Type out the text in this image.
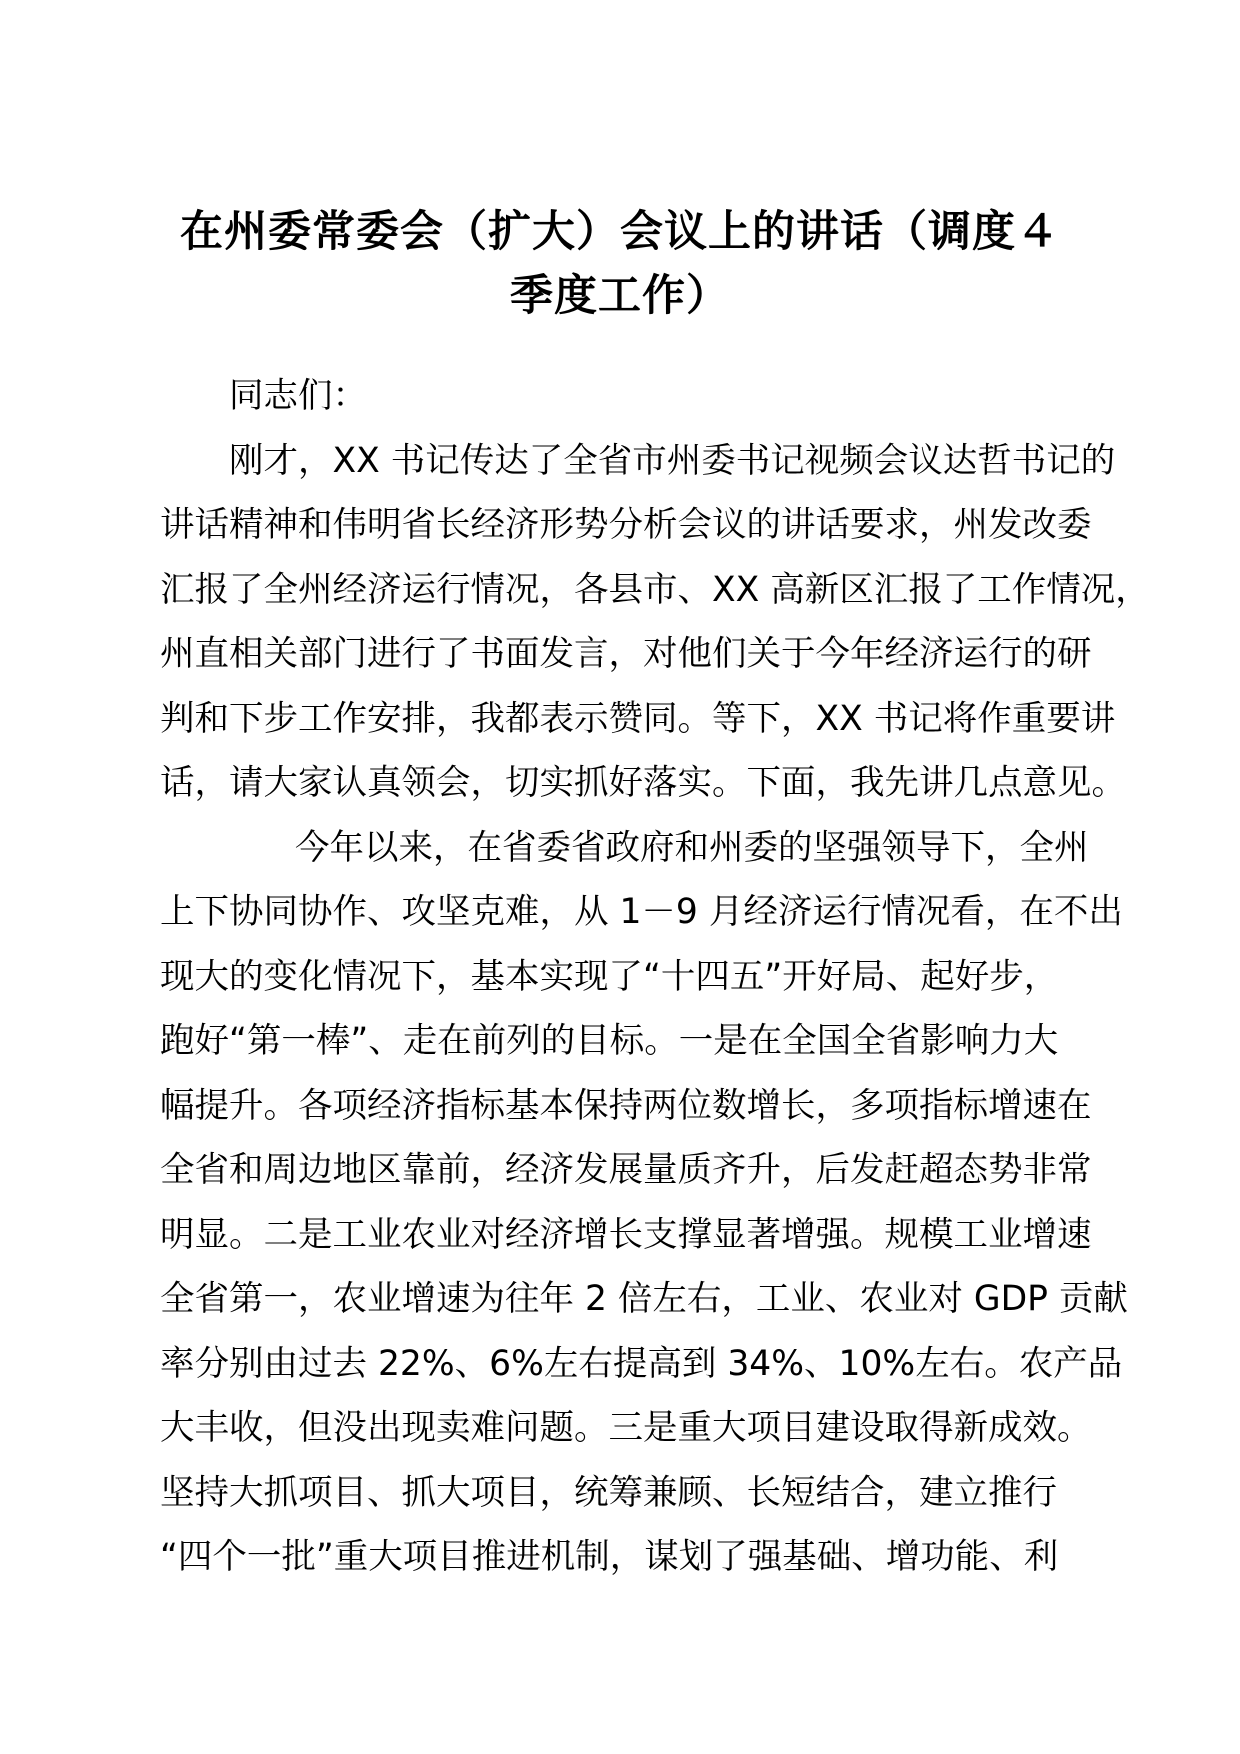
在州委常委会（扩大）会议上的讲话（调度４
季度工作）
同志们：
刚才，XX 书记传达了全省市州委书记视频会议达哲书记的
讲话精神和伟明省长经济形势分析会议的讲话要求，州发改委
汇报了全州经济运行情况，各县市、XX 高新区汇报了工作情况，
州直相关部门进行了书面发言，对他们关于今年经济运行的研
判和下步工作安排，我都表示赞同。等下，XX 书记将作重要讲
话，请大家认真领会，切实抓好落实。下面，我先讲几点意见。
今年以来，在省委省政府和州委的坚强领导下，全州
上下协同协作、攻坚克难，从 1－9 月经济运行情况看，在不出
现大的变化情况下，基本实现了“十四五”开好局、起好步，
跑好“第一棒”、走在前列的目标。一是在全国全省影响力大
幅提升。各项经济指标基本保持两位数增长，多项指标增速在
全省和周边地区靠前，经济发展量质齐升，后发赶超态势非常
明显。二是工业农业对经济增长支撑显著增强。规模工业增速
全省第一，农业增速为往年 2 倍左右，工业、农业对 GDP 贡献
率分别由过去 22%、6%左右提高到 34%、10%左右。农产品
大丰收，但没出现卖难问题。三是重大项目建设取得新成效。
坚持大抓项目、抓大项目，统筹兼顾、长短结合，建立推行
“四个一批”重大项目推进机制，谋划了强基础、增功能、利
